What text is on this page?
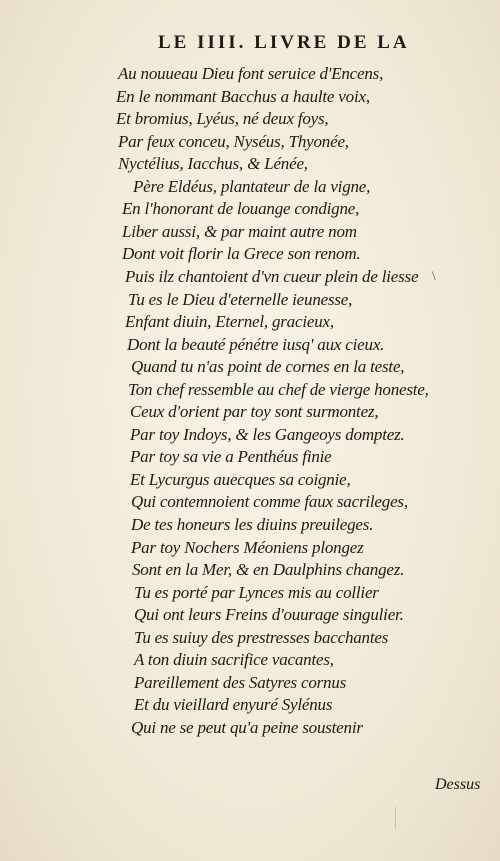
LE IIII. LIVRE DE LA
Au nouueau Dieu font seruice d'Encens,
En le nommant Bacchus a haulte voix,
Et bromius, Lyéus, né deux foys,
Par feux conceu, Nyséus, Thyonée,
Nyctélius, Iacchus, & Lénée,
Père Eldéus, plantateur de la vigne,
En l'honorant de louange condigne,
Liber aussi, & par maint autre nom
Dont voit florir la Grece son renom.
Puis ilz chantoient d'vn cueur plein de liesse
Tu es le Dieu d'eternelle ieunesse,
Enfant diuin, Eternel, gracieux,
Dont la beauté pénétre iusq' aux cieux.
Quand tu n'as point de cornes en la teste,
Ton chef ressemble au chef de vierge honeste,
Ceux d'orient par toy sont surmontez,
Par toy Indoys, & les Gangeoys domptez.
Par toy sa vie a Penthéus finie
Et Lycurgus auecques sa coignie,
Qui contemnoient comme faux sacrileges,
De tes honeurs les diuins preuileges.
Par toy Nochers Méoniens plongez
Sont en la Mer, & en Daulphins changez.
Tu es porté par Lynces mis au collier
Qui ont leurs Freins d'ouurage singulier.
Tu es suiuy des prestresses bacchantes
A ton diuin sacrifice vacantes,
Pareillement des Satyres cornus
Et du vieillard enyuré Sylénus
Qui ne se peut qu'a peine soustenir
\
Dessus
